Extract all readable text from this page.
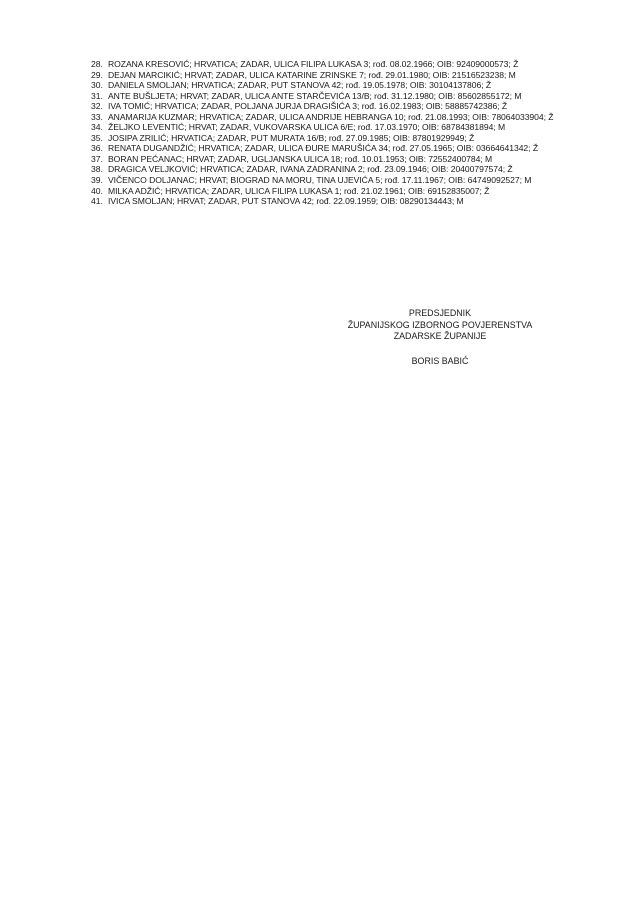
28. ROZANA KRESOVIĆ; HRVATICA; ZADAR, ULICA FILIPA LUKASA 3; rođ. 08.02.1966; OIB: 92409000573; Ž
29. DEJAN MARCIKIĆ; HRVAT; ZADAR, ULICA KATARINE ZRINSKE 7; rođ. 29.01.1980; OIB: 21516523238; M
30. DANIELA SMOLJAN; HRVATICA; ZADAR, PUT STANOVA 42; rođ. 19.05.1978; OIB: 30104137806; Ž
31. ANTE BUŠLJETA; HRVAT; ZADAR, ULICA ANTE STARČEVIĆA 13/B; rođ. 31.12.1980; OIB: 85602855172; M
32. IVA TOMIĆ; HRVATICA; ZADAR, POLJANA JURJA DRAGIŠIĆA 3; rođ. 16.02.1983; OIB: 58885742386; Ž
33. ANAMARIJA KUZMAR; HRVATICA; ZADAR, ULICA ANDRIJE HEBRANGA 10; rođ. 21.08.1993; OIB: 78064033904; Ž
34. ŽELJKO LEVENTIĆ; HRVAT; ZADAR, VUKOVARSKA ULICA 6/E; rođ. 17.03.1970; OIB: 68784381894; M
35. JOSIPA ZRILIĆ; HRVATICA; ZADAR, PUT MURATA 16/B; rođ. 27.09.1985; OIB: 87801929949; Ž
36. RENATA DUGANDŽIĆ; HRVATICA; ZADAR, ULICA ĐURE MARUŠIĆA 34; rođ. 27.05.1965; OIB: 03664641342; Ž
37. BORAN PEĆANAC; HRVAT; ZADAR, UGLJANSKA ULICA 18; rođ. 10.01.1953; OIB: 72552400784; M
38. DRAGICA VELJKOVIĆ; HRVATICA; ZADAR, IVANA ZADRANINA 2; rođ. 23.09.1946; OIB: 20400797574; Ž
39. VIČENCO DOLJANAC; HRVAT; BIOGRAD NA MORU, TINA UJEVIĆA 5; rođ. 17.11.1967; OIB: 64749092527; M
40. MILKA ADŽIĆ; HRVATICA; ZADAR, ULICA FILIPA LUKASA 1; rođ. 21.02.1961; OIB: 69152835007; Ž
41. IVICA SMOLJAN; HRVAT; ZADAR, PUT STANOVA 42; rođ. 22.09.1959; OIB: 08290134443; M
PREDSJEDNIK
ŽUPANIJSKOG IZBORNOG POVJERENSTVA
ZADARSKE ŽUPANIJE
BORIS BABIĆ
